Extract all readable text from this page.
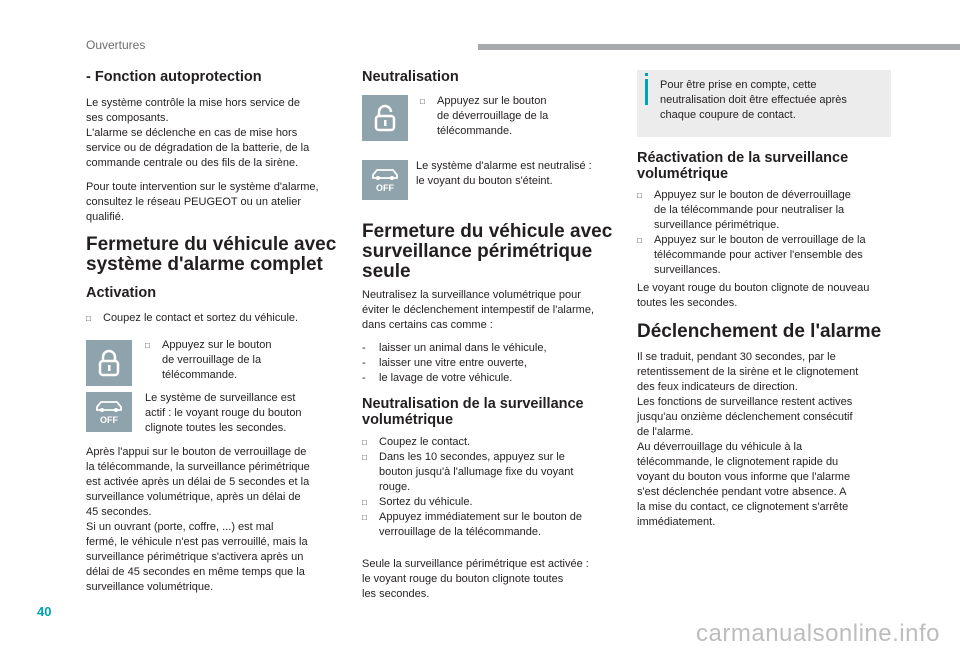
Ouvertures
- Fonction autoprotection

Le système contrôle la mise hors service de

ses composants.

L'alarme se déclenche en cas de mise hors

service ou de dégradation de la batterie, de la

commande centrale ou des fils de la sirène.

Pour toute intervention sur le système d'alarme,

consultez le réseau PEUGEOT ou un atelier

qualifié.

Fermeture du véhicule avec
système d'alarme complet
Activation
□	Coupez le contact et sortez du véhicule.
□	Appuyez sur le bouton

de verrouillage de la

télécommande.

OFF

Le système de surveillance est

actif : le voyant rouge du bouton

clignote toutes les secondes.

Après l'appui sur le bouton de verrouillage de

la télécommande, la surveillance périmétrique

est activée après un délai de 5 secondes et la

surveillance volumétrique, après un délai de

45 secondes.

Si un ouvrant (porte, coffre, ...) est mal

fermé, le véhicule n'est pas verrouillé, mais la

surveillance périmétrique s'activera après un

délai de 45 secondes en même temps que la

surveillance volumétrique.

Neutralisation
□	Appuyez sur le bouton

de déverrouillage de la

télécommande.

OFF

Le système d'alarme est neutralisé :

le voyant du bouton s'éteint.

Fermeture du véhicule avec
surveillance périmétrique
seule

Neutralisez la surveillance volumétrique pour

éviter le déclenchement intempestif de l'alarme,

dans certains cas comme :

-	laisser un animal dans le véhicule,
-	laisser une vitre entre ouverte,
-	le lavage de votre véhicule.
Neutralisation de la surveillance
volumétrique
□	Coupez le contact.

□	Dans les 10 secondes, appuyez sur le

bouton jusqu'à l'allumage fixe du voyant

rouge.

□	Sortez du véhicule.

□	Appuyez immédiatement sur le bouton de

verrouillage de la télécommande.

Seule la surveillance périmétrique est activée :

le voyant rouge du bouton clignote toutes

les secondes.

Pour être prise en compte, cette

neutralisation doit être effectuée après

chaque coupure de contact.

Réactivation de la surveillance
volumétrique
□	Appuyez sur le bouton de déverrouillage

de la télécommande pour neutraliser la

surveillance périmétrique.

□	Appuyez sur le bouton de verrouillage de la

télécommande pour activer l'ensemble des

surveillances.

Le voyant rouge du bouton clignote de nouveau

toutes les secondes.

Déclenchement de l'alarme

Il se traduit, pendant 30 secondes, par le

retentissement de la sirène et le clignotement

des feux indicateurs de direction.

Les fonctions de surveillance restent actives

jusqu'au onzième déclenchement consécutif

de l'alarme.

Au déverrouillage du véhicule à la

télécommande, le clignotement rapide du

voyant du bouton vous informe que l'alarme

s'est déclenchée pendant votre absence. A

la mise du contact, ce clignotement s'arrête

immédiatement.

40
carmanualsonline.info
